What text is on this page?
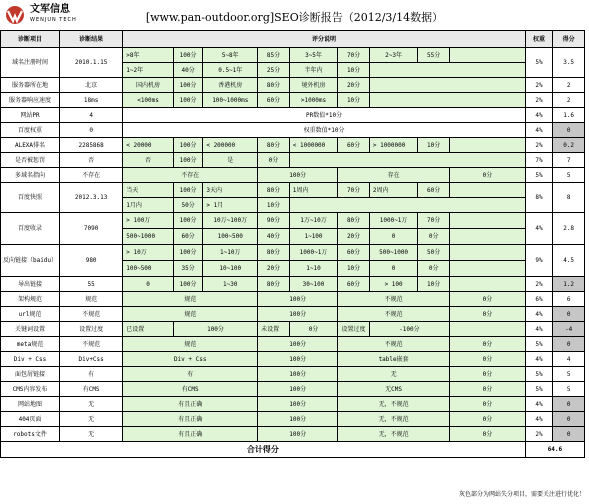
文军信息
WENJUN TECH	[www.pan-outdoor.org]SEO诊断报告（2012/3/14数据）
诊断项目	诊断结果	评分说明									权重	得分
域名注册时间	2010.1.15	>8年	100分	5~8年	85分	3~5年	70分	2~3年	55分		5%	3.5
		1~2年	40分	0.5~1年	25分	半年内	10分					
服务器所在地	北京	国内机房	100分	香港机房	80分	境外机房	20分				2%	2
服务器响应速度	18ms	<100ms	100分	100~1000ms	60分	>1000ms	10分				2%	2
网站PR	4	PR数值*10分									4%	1.6
百度权重	0	权重数值*10分									4%	0
ALEXA排名	2285868	< 20000	100分	< 200000	80分	< 1000000	60分	> 1000000	10分		2%	0.2
是否被惩罚	否	否	100分	是	0分						7%	7
多域名指向	不存在	不存在			100分		存在			0分	5%	5
百度快照	2012.3.13	当天	100分	3天内	80分	1周内	70分	2周内	60分		8%	8
		1月内	50分	> 1月	10分							
百度收录	7090	> 100万	100分	10万~100万	90分	1万~10万	80分	1000~1万	70分		4%	2.8
		500~1000	60分	100~500	40分	1~100	20分	0	0分			
反向链接（baidu）	980	> 10万	100分	1~10万	80分	1000~1万	60分	500~1000	50分		9%	4.5
		100~500	35分	10~100	20分	1~10	10分	0	0分			
导出链接	55	0	100分	1~30	80分	30~100	60分	> 100	10分		2%	1.2
架构规范	规范	规范			100分		不规范			0分	6%	6
url规范	不规范	规范			100分		不规范			0分	4%	0
关键词设置	设置过度	已设置	100分		未设置	0分	设置过度	-100分			4%	-4
meta规范	不规范	规范			100分		不规范			0分	5%	0
Div + Css	Div+Css	Div + Css			100分		table嵌套			0分	4%	4
面包屑链接	有	有			100分		无			0分	5%	5
CMS内容发布	有CMS	有CMS			100分		无CMS			0分	5%	5
网站地图	无	有且正确			100分		无，不规范			0分	4%	0
404页面	无	有且正确			100分		无，不规范			0分	4%	0
robots文件	无	有且正确			100分		无，不规范			0分	2%	0
合计得分											64.6	
灰色部分为网站失分项目，需要关注进行优化！
